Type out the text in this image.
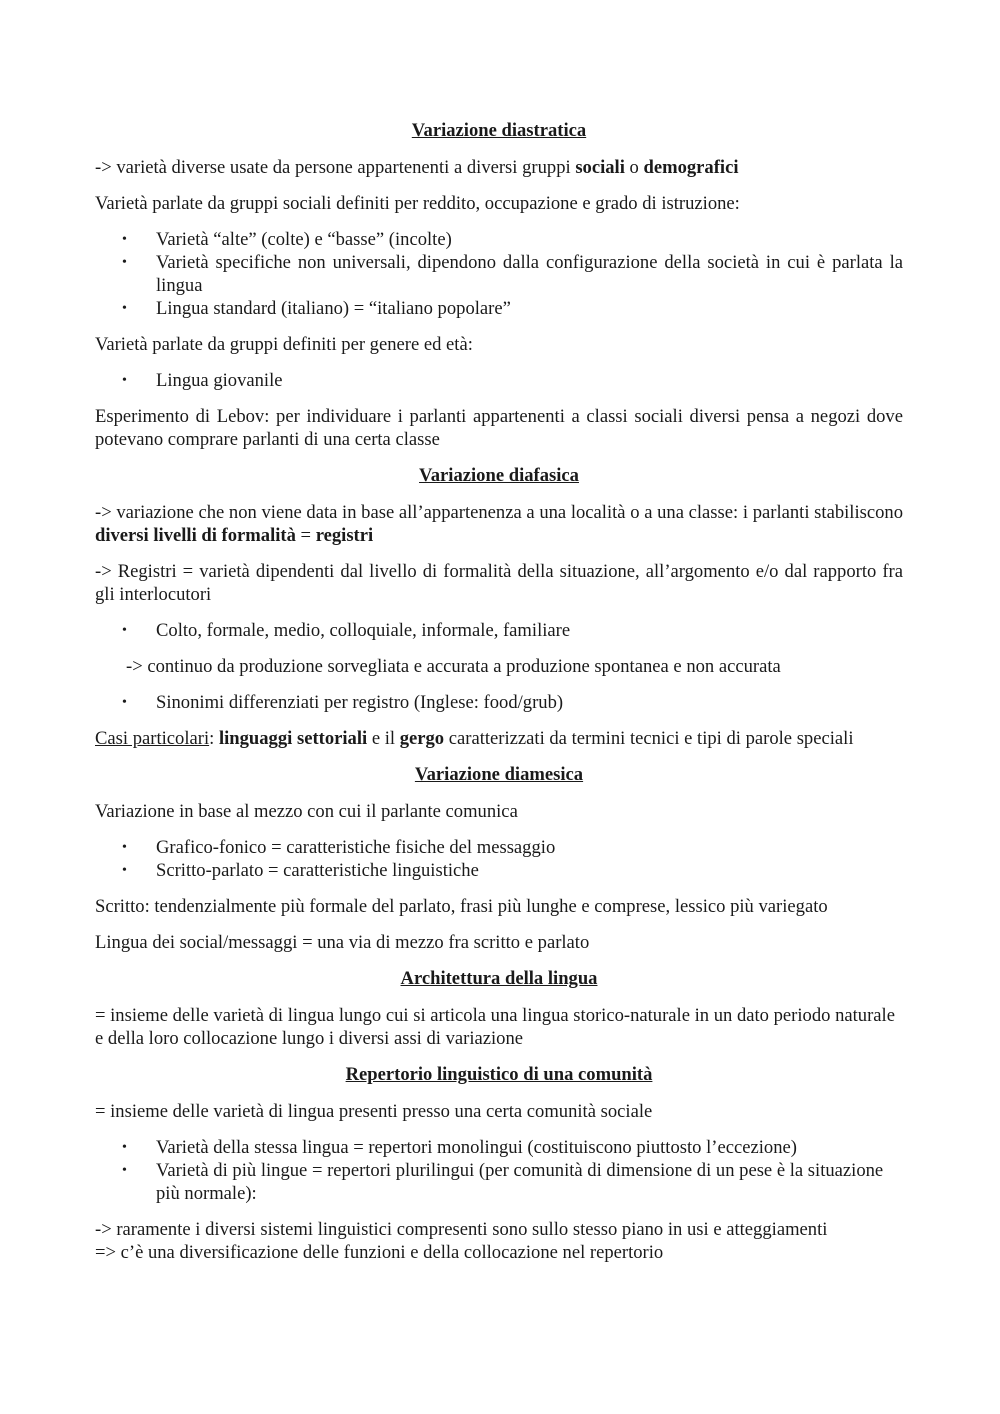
Variazione diastratica

-> varietà diverse usate da persone appartenenti a diversi gruppi sociali o demografici

Varietà parlate da gruppi sociali definiti per reddito, occupazione e grado di istruzione:

• Varietà “alte” (colte) e “basse” (incolte)
• Varietà specifiche non universali, dipendono dalla configurazione della società in cui è parlata la lingua
• Lingua standard (italiano) = “italiano popolare”

Varietà parlate da gruppi definiti per genere ed età:

• Lingua giovanile

Esperimento di Lebov: per individuare i parlanti appartenenti a classi sociali diversi pensa a negozi dove potevano comprare parlanti di una certa classe

Variazione diafasica

-> variazione che non viene data in base all’appartenenza a una località o a una classe: i parlanti stabiliscono diversi livelli di formalità = registri

-> Registri = varietà dipendenti dal livello di formalità della situazione, all’argomento e/o dal rapporto fra gli interlocutori

• Colto, formale, medio, colloquiale, informale, familiare

-> continuo da produzione sorvegliata e accurata a produzione spontanea e non accurata

• Sinonimi differenziati per registro (Inglese: food/grub)

Casi particolari: linguaggi settoriali e il gergo caratterizzati da termini tecnici e tipi di parole speciali

Variazione diamesica

Variazione in base al mezzo con cui il parlante comunica

• Grafico-fonico = caratteristiche fisiche del messaggio
• Scritto-parlato = caratteristiche linguistiche

Scritto: tendenzialmente più formale del parlato, frasi più lunghe e comprese, lessico più variegato

Lingua dei social/messaggi = una via di mezzo fra scritto e parlato

Architettura della lingua

= insieme delle varietà di lingua lungo cui si articola una lingua storico-naturale in un dato periodo naturale e della loro collocazione lungo i diversi assi di variazione

Repertorio linguistico di una comunità

= insieme delle varietà di lingua presenti presso una certa comunità sociale

• Varietà della stessa lingua = repertori monolingui (costituiscono piuttosto l’eccezione)
• Varietà di più lingue = repertori plurilingui (per comunità di dimensione di un pese è la situazione più normale):

-> raramente i diversi sistemi linguistici compresenti sono sullo stesso piano in usi e atteggiamenti
=> c’è una diversificazione delle funzioni e della collocazione nel repertorio
